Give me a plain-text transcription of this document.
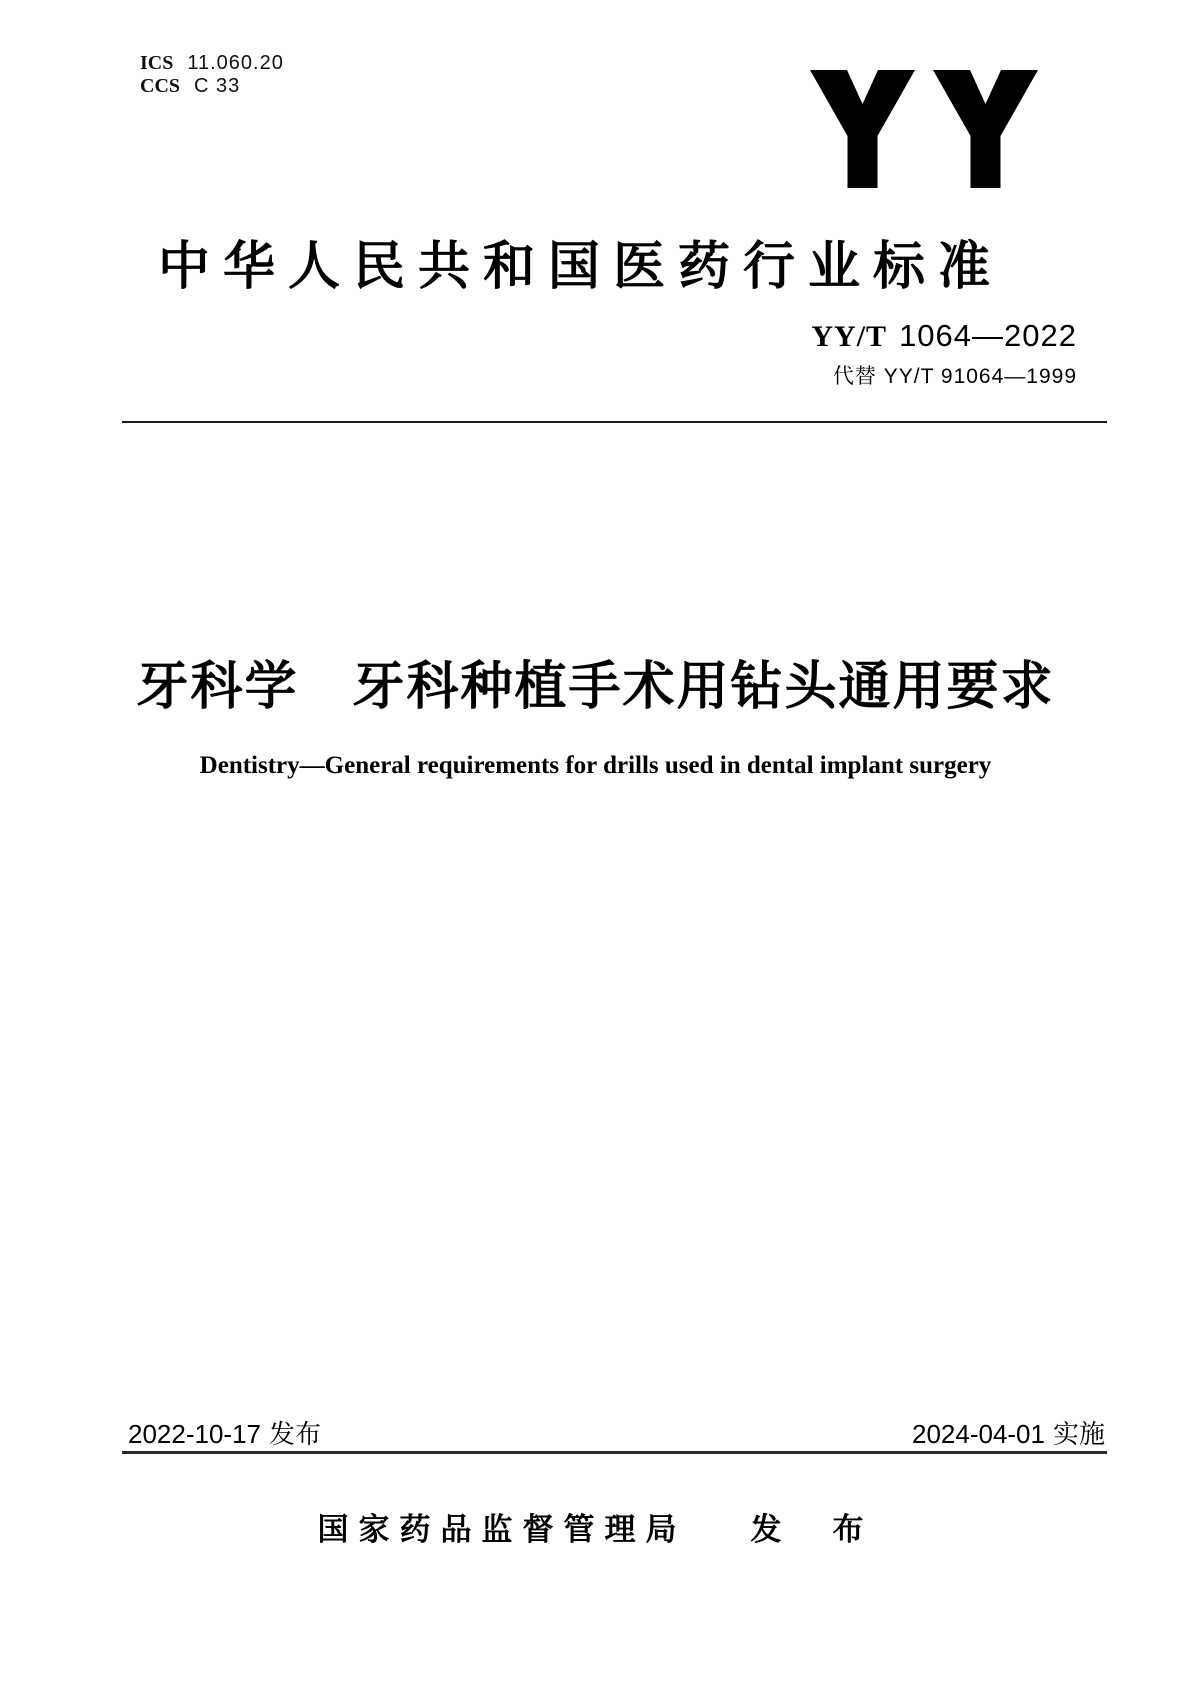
ICS 11.060.20
CCS C 33
中华人民共和国医药行业标准
YY/T 1064—2022
代替 YY/T 91064—1999
牙科学　牙科种植手术用钻头通用要求
Dentistry—General requirements for drills used in dental implant surgery
2022-10-17 发布	2024-04-01 实施
国家药品监督管理局 发　布
